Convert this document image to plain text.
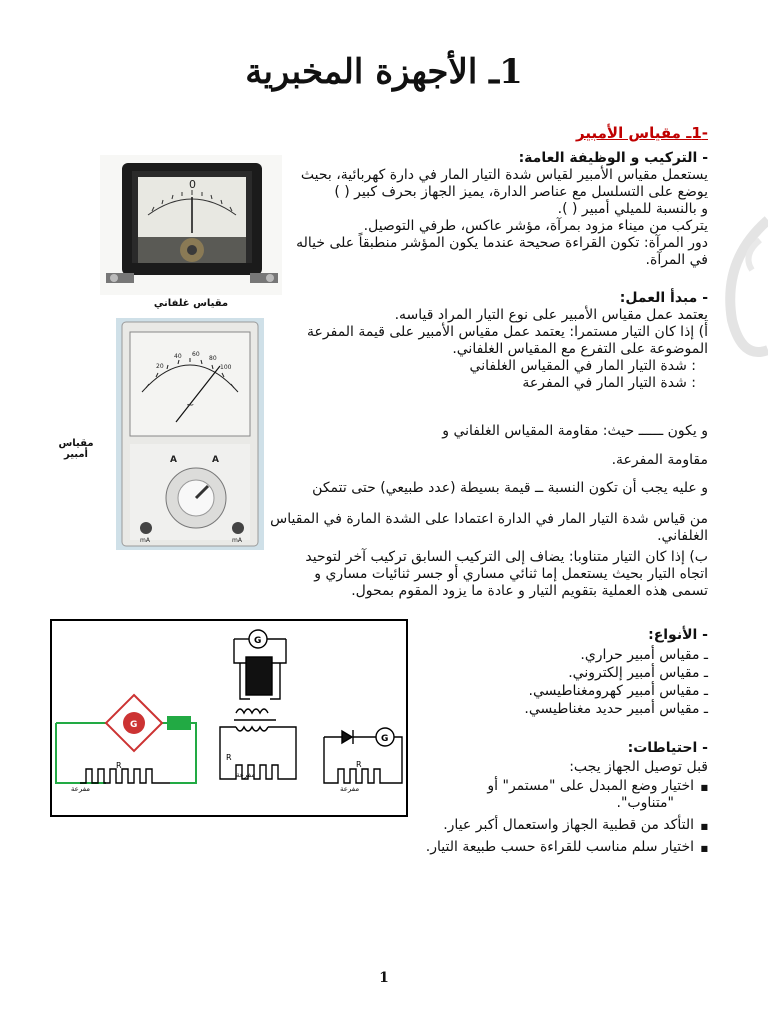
1ـ الأجهزة المخبرية
-1ـ مقياس الأمبير
- التركيب و الوظيفة العامة:
يستعمل مقياس الأمبير لقياس شدة التيار المار في دارة كهربائية، بحيث
يوضع على التسلسل مع عناصر الدارة، يميز الجهاز بحرف كبير ( )
و بالنسبة للميلي أمبير ( ).
يتركب من ميناء مزود بمرآة، مؤشر عاكس، طرفي التوصيل.
دور المرآة: تكون القراءة صحيحة عندما يكون المؤشر منطبقاً على خياله
في المرآة.
- مبدأ العمل:
يعتمد عمل مقياس الأمبير على نوع التيار المراد قياسه.
أ) إذا كان التيار مستمرا: يعتمد عمل مقياس الأمبير على قيمة المفرعة
الموضوعة على التفرع مع المقياس الغلفاني.
: شدة التيار المار في المقياس الغلفاني
: شدة التيار المار في المفرعة
و يكون ــــــ حيث: مقاومة المقياس الغلفاني و
مقاومة المفرعة.
و عليه يجب أن تكون النسبة ــ قيمة بسيطة (عدد طبيعي) حتى تتمكن
من قياس شدة التيار المار في الدارة اعتمادا على الشدة المارة في المقياس
الغلفاني.
ب) إذا كان التيار متناوبا: يضاف إلى التركيب السابق تركيب آخر لتوحيد
اتجاه التيار بحيث يستعمل إما ثنائي مساري أو جسر ثنائيات مساري و
تسمى هذه العملية بتقويم التيار و عادة ما يزود المقوم بمحول.
- الأنواع:
ـ مقياس أمبير حراري.
ـ مقياس أمبير إلكتروني.
ـ مقياس أمبير كهرومغناطيسي.
ـ مقياس أمبير حديد مغناطيسي.
- احتياطات:
قبل توصيل الجهاز يجب:
■ اختيار وضع المبدل على "مستمر" أو
"متناوب".
■ التأكد من قطبية الجهاز واستعمال أكبر عيار.
■ اختيار سلم مناسب للقراءة حسب طبيعة التيار.
0
مقياس غلفاني
20
40 60
80
100
~
A	A
mA	mA
مقياس
أمبير
G
R
مفرعة
G
R
مفرعة
G
R
مفرعة
1
